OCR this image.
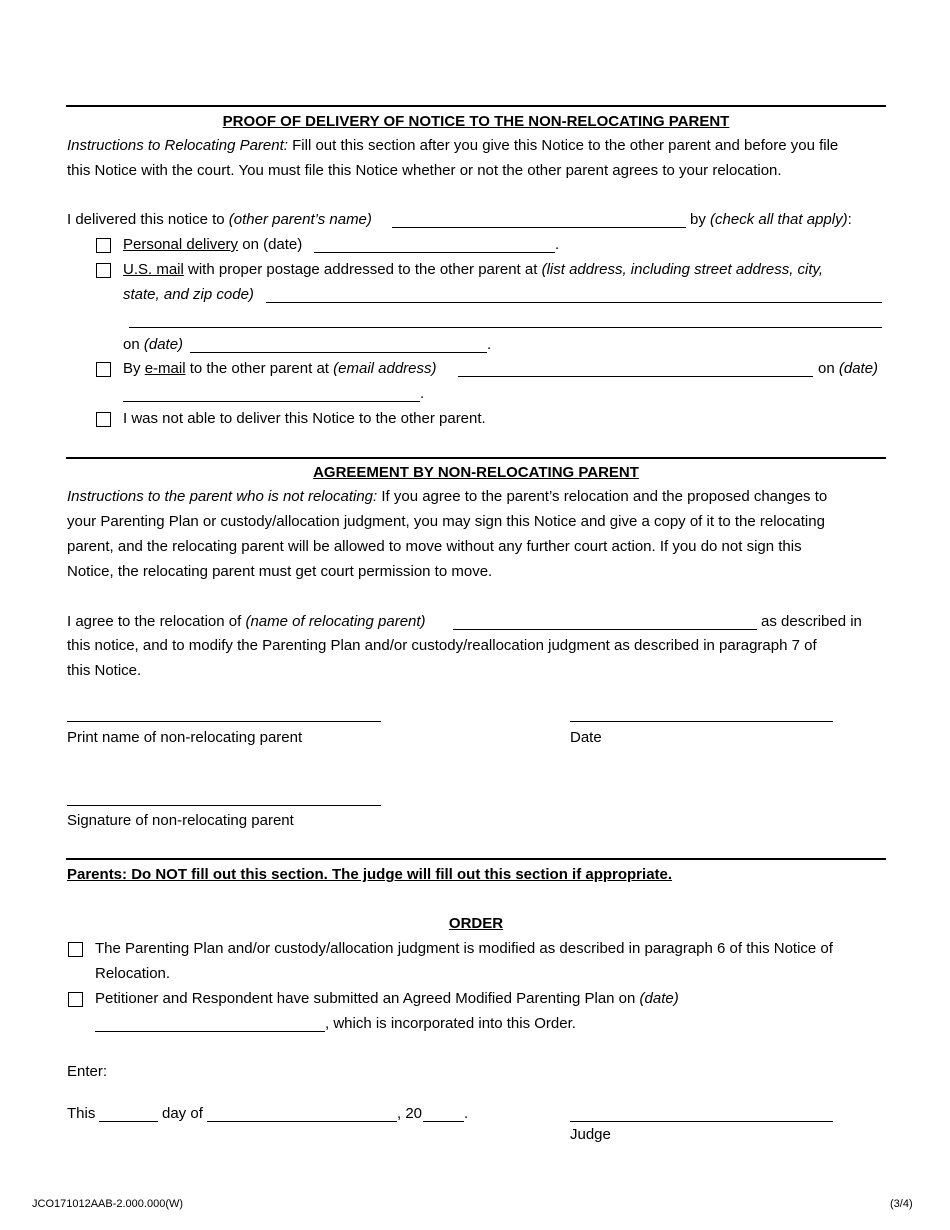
PROOF OF DELIVERY OF NOTICE TO THE NON-RELOCATING PARENT
Instructions to Relocating Parent: Fill out this section after you give this Notice to the other parent and before you file
this Notice with the court. You must file this Notice whether or not the other parent agrees to your relocation.
I delivered this notice to (other parent’s name)	by (check all that apply):
Personal delivery on (date)	.
U.S. mail with proper postage addressed to the other parent at (list address, including street address, city,
state, and zip code)
on (date)	.
By e-mail to the other parent at (email address)	on (date)
.
I was not able to deliver this Notice to the other parent.
AGREEMENT BY NON-RELOCATING PARENT
Instructions to the parent who is not relocating: If you agree to the parent’s relocation and the proposed changes to
your Parenting Plan or custody/allocation judgment, you may sign this Notice and give a copy of it to the relocating
parent, and the relocating parent will be allowed to move without any further court action. If you do not sign this
Notice, the relocating parent must get court permission to move.
I agree to the relocation of (name of relocating parent)	as described in
this notice, and to modify the Parenting Plan and/or custody/reallocation judgment as described in paragraph 7 of
this Notice.
Print name of non-relocating parent	Date
Signature of non-relocating parent
Parents: Do NOT fill out this section. The judge will fill out this section if appropriate.
ORDER
The Parenting Plan and/or custody/allocation judgment is modified as described in paragraph 6 of this Notice of
Relocation.
Petitioner and Respondent have submitted an Agreed Modified Parenting Plan on (date)
, which is incorporated into this Order.
Enter:
This	day of	, 20	.
Judge
JCO171012AAB-2.000.000(W)	(3/4)
